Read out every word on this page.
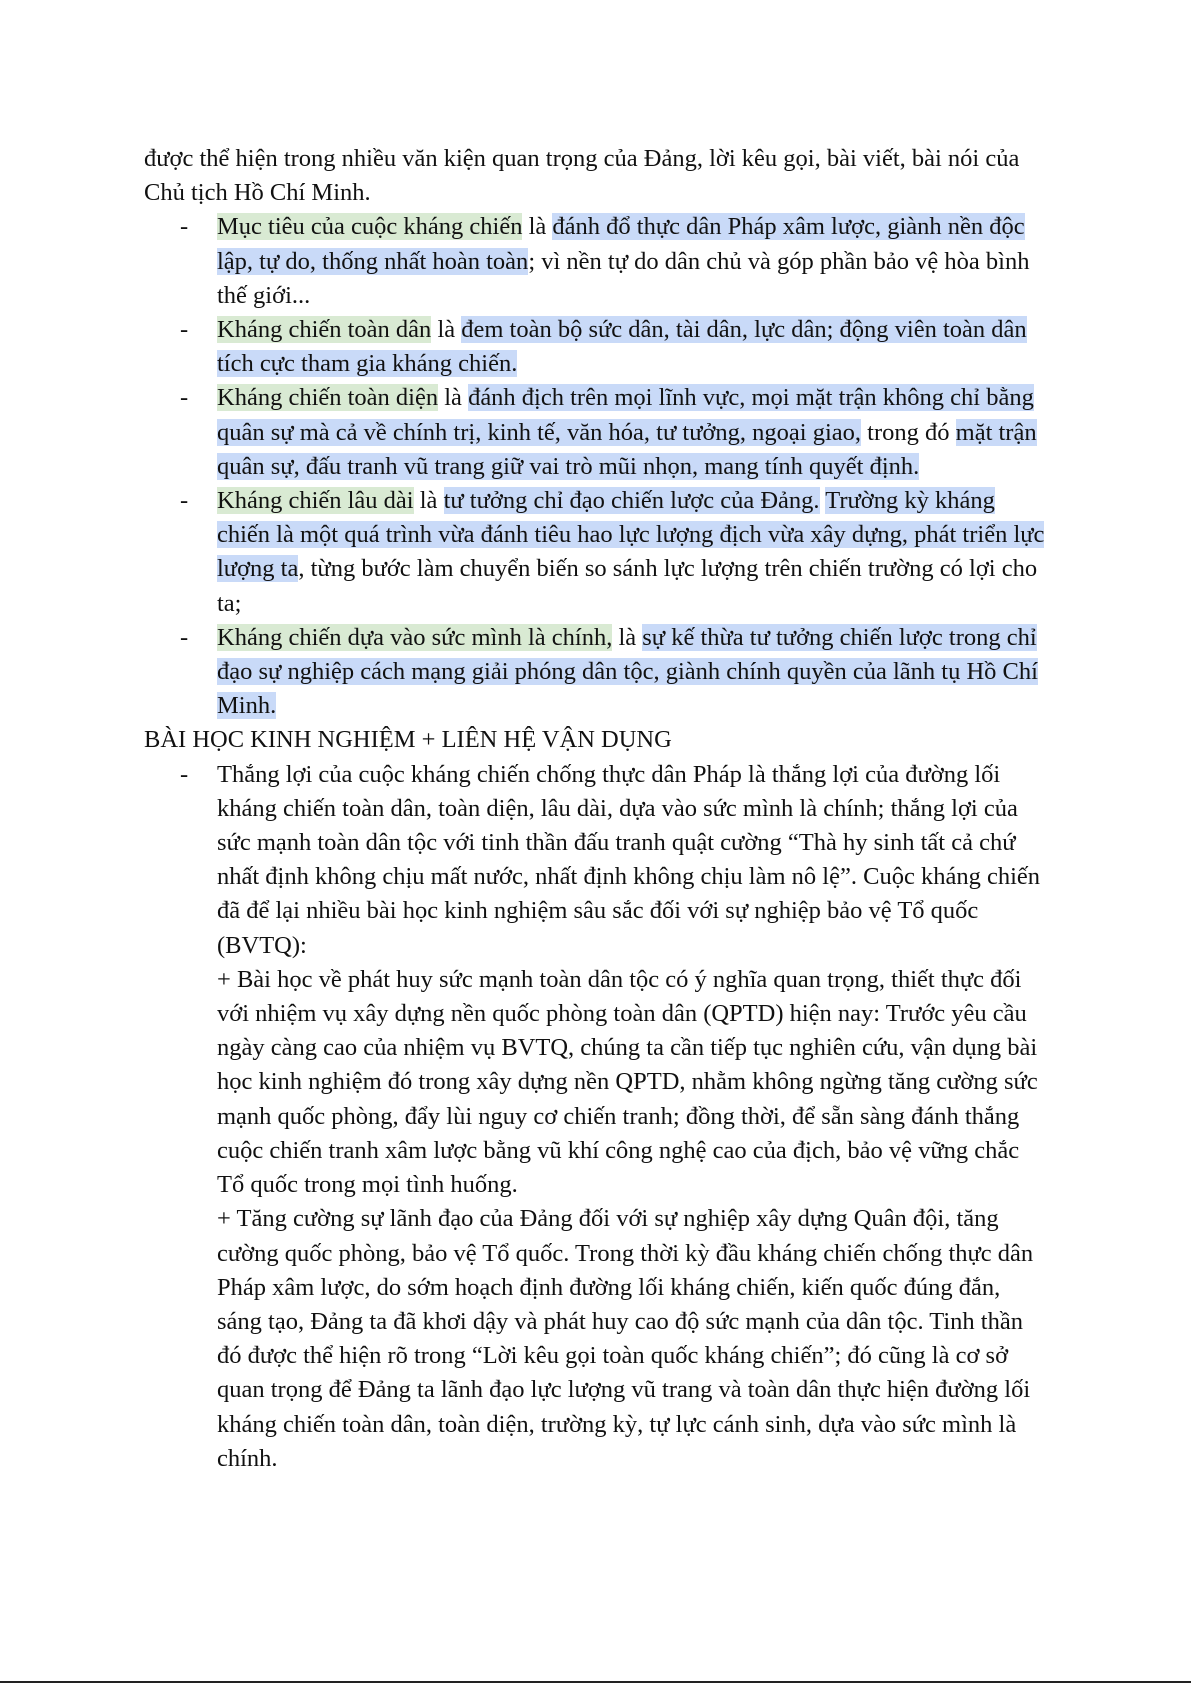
được thể hiện trong nhiều văn kiện quan trọng của Đảng, lời kêu gọi, bài viết, bài nói của Chủ tịch Hồ Chí Minh.

- Mục tiêu của cuộc kháng chiến là đánh đổ thực dân Pháp xâm lược, giành nền độc lập, tự do, thống nhất hoàn toàn; vì nền tự do dân chủ và góp phần bảo vệ hòa bình thế giới...
- Kháng chiến toàn dân là đem toàn bộ sức dân, tài dân, lực dân; động viên toàn dân tích cực tham gia kháng chiến.
- Kháng chiến toàn diện là đánh địch trên mọi lĩnh vực, mọi mặt trận không chỉ bằng quân sự mà cả về chính trị, kinh tế, văn hóa, tư tưởng, ngoại giao, trong đó mặt trận quân sự, đấu tranh vũ trang giữ vai trò mũi nhọn, mang tính quyết định.
- Kháng chiến lâu dài là tư tưởng chỉ đạo chiến lược của Đảng. Trường kỳ kháng chiến là một quá trình vừa đánh tiêu hao lực lượng địch vừa xây dựng, phát triển lực lượng ta, từng bước làm chuyển biến so sánh lực lượng trên chiến trường có lợi cho ta;
- Kháng chiến dựa vào sức mình là chính, là sự kế thừa tư tưởng chiến lược trong chỉ đạo sự nghiệp cách mạng giải phóng dân tộc, giành chính quyền của lãnh tụ Hồ Chí Minh.

BÀI HỌC KINH NGHIỆM + LIÊN HỆ VẬN DỤNG

- Thắng lợi của cuộc kháng chiến chống thực dân Pháp là thắng lợi của đường lối kháng chiến toàn dân, toàn diện, lâu dài, dựa vào sức mình là chính; thắng lợi của sức mạnh toàn dân tộc với tinh thần đấu tranh quật cường “Thà hy sinh tất cả chứ nhất định không chịu mất nước, nhất định không chịu làm nô lệ”. Cuộc kháng chiến đã để lại nhiều bài học kinh nghiệm sâu sắc đối với sự nghiệp bảo vệ Tổ quốc (BVTQ):
+ Bài học về phát huy sức mạnh toàn dân tộc có ý nghĩa quan trọng, thiết thực đối với nhiệm vụ xây dựng nền quốc phòng toàn dân (QPTD) hiện nay: Trước yêu cầu ngày càng cao của nhiệm vụ BVTQ, chúng ta cần tiếp tục nghiên cứu, vận dụng bài học kinh nghiệm đó trong xây dựng nền QPTD, nhằm không ngừng tăng cường sức mạnh quốc phòng, đẩy lùi nguy cơ chiến tranh; đồng thời, để sẵn sàng đánh thắng cuộc chiến tranh xâm lược bằng vũ khí công nghệ cao của địch, bảo vệ vững chắc Tổ quốc trong mọi tình huống.
+ Tăng cường sự lãnh đạo của Đảng đối với sự nghiệp xây dựng Quân đội, tăng cường quốc phòng, bảo vệ Tổ quốc. Trong thời kỳ đầu kháng chiến chống thực dân Pháp xâm lược, do sớm hoạch định đường lối kháng chiến, kiến quốc đúng đắn, sáng tạo, Đảng ta đã khơi dậy và phát huy cao độ sức mạnh của dân tộc. Tinh thần đó được thể hiện rõ trong “Lời kêu gọi toàn quốc kháng chiến”; đó cũng là cơ sở quan trọng để Đảng ta lãnh đạo lực lượng vũ trang và toàn dân thực hiện đường lối kháng chiến toàn dân, toàn diện, trường kỳ, tự lực cánh sinh, dựa vào sức mình là chính.
